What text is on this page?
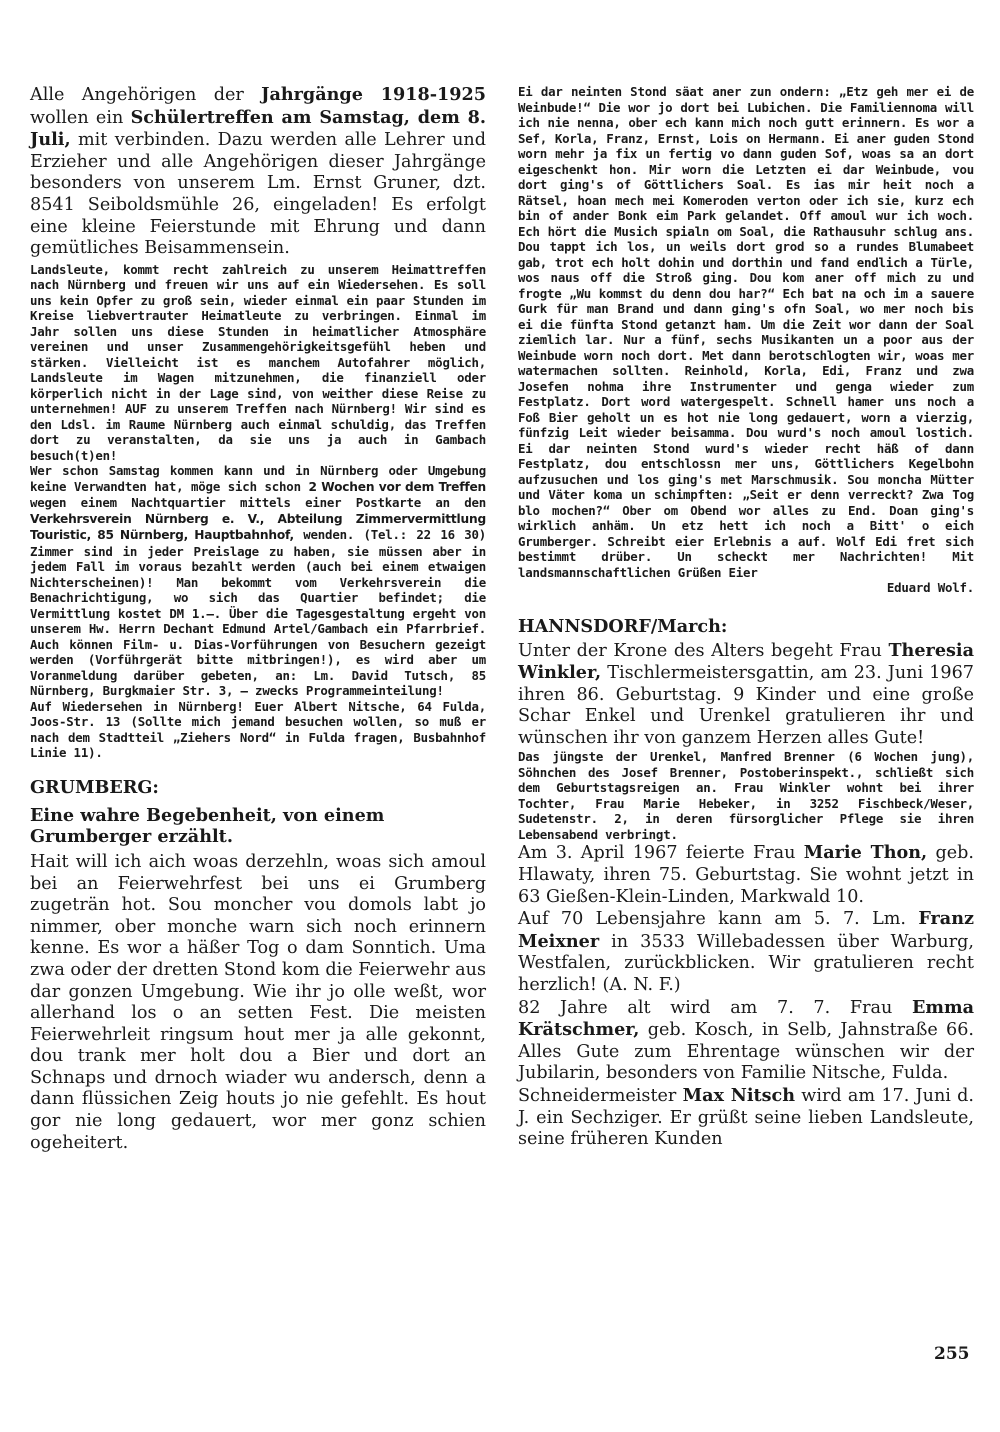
Alle Angehörigen der Jahrgänge 1918-1925 wollen ein Schülertreffen am Samstag, dem 8. Juli, mit verbinden. Dazu werden alle Lehrer und Erzieher und alle Angehörigen dieser Jahrgänge besonders von unserem Lm. Ernst Gruner, dzt. 8541 Seiboldsmühle 26, eingeladen! Es erfolgt eine kleine Feierstunde mit Ehrung und dann gemütliches Beisammensein.

Landsleute, kommt recht zahlreich zu unserem Heimattreffen nach Nürnberg und freuen wir uns auf ein Wiedersehen. Es soll uns kein Opfer zu groß sein, wieder einmal ein paar Stunden im Kreise liebvertrauter Heimatleute zu verbringen. Einmal im Jahr sollen uns diese Stunden in heimatlicher Atmosphäre vereinen und unser Zusammengehörigkeitsgefühl heben und stärken. Vielleicht ist es manchem Autofahrer möglich, Landsleute im Wagen mitzunehmen, die finanziell oder körperlich nicht in der Lage sind, von weither diese Reise zu unternehmen! AUF zu unserem Treffen nach Nürnberg! Wir sind es den Ldsl. im Raume Nürnberg auch einmal schuldig, das Treffen dort zu veranstalten, da sie uns ja auch in Gambach besuch(t)en!

Wer schon Samstag kommen kann und in Nürnberg oder Umgebung keine Verwandten hat, möge sich schon 2 Wochen vor dem Treffen wegen einem Nachtquartier mittels einer Postkarte an den Verkehrsverein Nürnberg e. V., Abteilung Zimmervermittlung Touristic, 85 Nürnberg, Hauptbahnhof, wenden. (Tel.: 22 16 30) Zimmer sind in jeder Preislage zu haben, sie müssen aber in jedem Fall im voraus bezahlt werden (auch bei einem etwaigen Nichterscheinen)! Man bekommt vom Verkehrsverein die Benachrichtigung, wo sich das Quartier befindet; die Vermittlung kostet DM 1.—. Über die Tagesgestaltung ergeht von unserem Hw. Herrn Dechant Edmund Artel/Gambach ein Pfarrbrief. Auch können Film- u. Dias-Vorführungen von Besuchern gezeigt werden (Vorführgerät bitte mitbringen!), es wird aber um Voranmeldung darüber gebeten, an: Lm. David Tutsch, 85 Nürnberg, Burgkmaier Str. 3, — zwecks Programmeinteilung!

Auf Wiedersehen in Nürnberg! Euer Albert Nitsche, 64 Fulda, Joos-Str. 13 (Sollte mich jemand besuchen wollen, so muß er nach dem Stadtteil „Ziehers Nord“ in Fulda fragen, Busbahnhof Linie 11).

GRUMBERG:
Eine wahre Begebenheit, von einem Grumberger erzählt.

Hait will ich aich woas derzehln, woas sich amoul bei an Feierwehrfest bei uns ei Grumberg zugeträn hot. Sou moncher vou domols labt jo nimmer, ober monche warn sich noch erinnern kenne. Es wor a häßer Tog o dam Sonntich. Uma zwa oder der dretten Stond kom die Feierwehr aus dar gonzen Umgebung. Wie ihr jo olle weßt, wor allerhand los o an setten Fest. Die meisten Feierwehrleit ringsum hout mer ja alle gekonnt, dou trank mer holt dou a Bier und dort an Schnaps und drnoch wiader wu andersch, denn a dann flüssichen Zeig houts jo nie gefehlt. Es hout gor nie long gedauert, wor mer gonz schien ogeheitert.

Ei dar neinten Stond säat aner zun ondern: „Etz geh mer ei de Weinbude!“ Die wor jo dort bei Lubichen. Die Familiennoma will ich nie nenna, ober ech kann mich noch gutt erinnern. Es wor a Sef, Korla, Franz, Ernst, Lois on Hermann. Ei aner guden Stond worn mehr ja fix un fertig vo dann guden Sof, woas sa an dort eigeschenkt hon. Mir worn die Letzten ei dar Weinbude, vou dort ging's of Göttlichers Soal. Es ias mir heit noch a Rätsel, hoan mech mei Komeroden verton oder ich sie, kurz ech bin of ander Bonk eim Park gelandet. Off amoul wur ich woch. Ech hört die Musich spialn om Soal, die Rathausuhr schlug ans. Dou tappt ich los, un weils dort grod so a rundes Blumabeet gab, trot ech holt dohin und dorthin und fand endlich a Türle, wos naus off die Stroß ging. Dou kom aner off mich zu und frogte „Wu kommst du denn dou har?“ Ech bat na och im a sauere Gurk für man Brand und dann ging's ofn Soal, wo mer noch bis ei die fünfta Stond getanzt ham. Um die Zeit wor dann der Soal ziemlich lar. Nur a fünf, sechs Musikanten un a poor aus der Weinbude worn noch dort. Met dann berotschlogten wir, woas mer watermachen sollten. Reinhold, Korla, Edi, Franz und zwa Josefen nohma ihre Instrumenter und genga wieder zum Festplatz. Dort word watergespelt. Schnell hamer uns noch a Foß Bier geholt un es hot nie long gedauert, worn a vierzig, fünfzig Leit wieder beisamma. Dou wurd's noch amoul lostich. Ei dar neinten Stond wurd's wieder recht häß of dann Festplatz, dou entschlossn mer uns, Göttlichers Kegelbohn aufzusuchen und los ging's met Marschmusik. Sou moncha Mütter und Väter koma un schimpften: „Seit er denn verreckt? Zwa Tog blo mochen?“ Ober om Obend wor alles zu End. Doan ging's wirklich anhäm. Un etz hett ich noch a Bitt' o eich Grumberger. Schreibt eier Erlebnis a auf. Wolf Edi fret sich bestimmt drüber. Un scheckt mer Nachrichten! Mit landsmannschaftlichen Grüßen Eier

Eduard Wolf.

HANNSDORF/March:

Unter der Krone des Alters begeht Frau Theresia Winkler, Tischlermeistersgattin, am 23. Juni 1967 ihren 86. Geburtstag. 9 Kinder und eine große Schar Enkel und Urenkel gratulieren ihr und wünschen ihr von ganzem Herzen alles Gute!

Das jüngste der Urenkel, Manfred Brenner (6 Wochen jung), Söhnchen des Josef Brenner, Postoberinspekt., schließt sich dem Geburtstagsreigen an. Frau Winkler wohnt bei ihrer Tochter, Frau Marie Hebeker, in 3252 Fischbeck/Weser, Sudetenstr. 2, in deren fürsorglicher Pflege sie ihren Lebensabend verbringt.

Am 3. April 1967 feierte Frau Marie Thon, geb. Hlawaty, ihren 75. Geburtstag. Sie wohnt jetzt in 63 Gießen-Klein-Linden, Markwald 10.

Auf 70 Lebensjahre kann am 5. 7. Lm. Franz Meixner in 3533 Willebadessen über Warburg, Westfalen, zurückblicken. Wir gratulieren recht herzlich! (A. N. F.)

82 Jahre alt wird am 7. 7. Frau Emma Krätschmer, geb. Kosch, in Selb, Jahnstraße 66. Alles Gute zum Ehrentage wünschen wir der Jubilarin, besonders von Familie Nitsche, Fulda.

Schneidermeister Max Nitsch wird am 17. Juni d. J. ein Sechziger. Er grüßt seine lieben Landsleute, seine früheren Kunden

255
